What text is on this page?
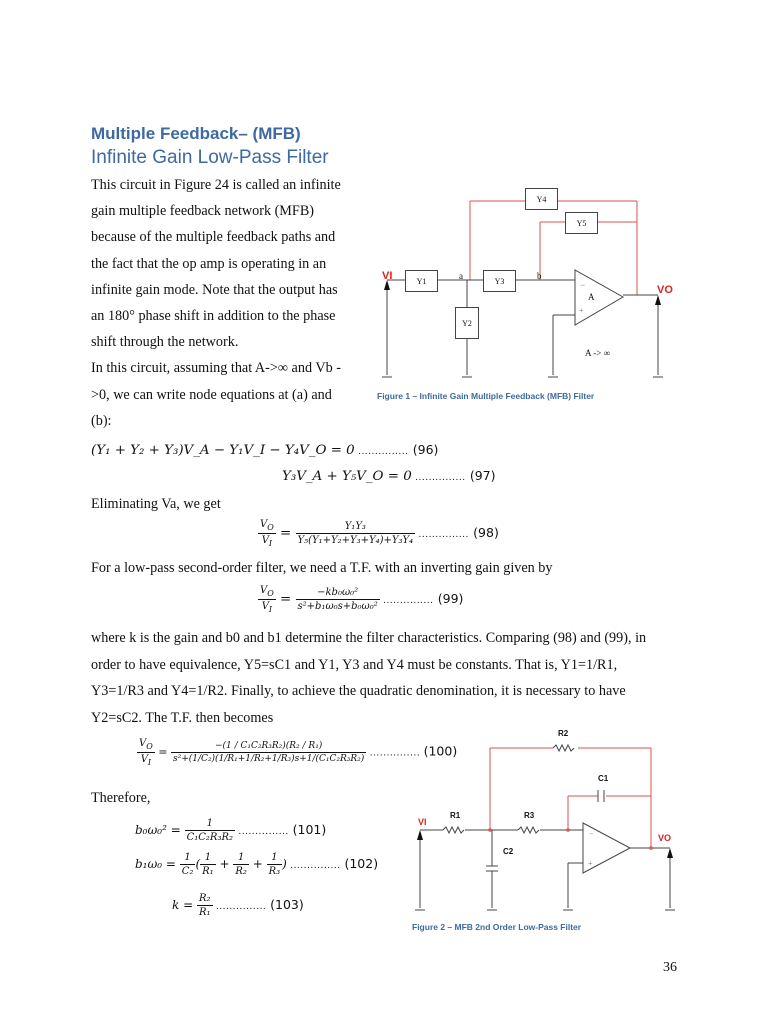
Multiple Feedback– (MFB)
Infinite Gain Low-Pass Filter

This circuit in Figure 24 is called an infinite

gain multiple feedback network (MFB)

because of the multiple feedback paths and

the fact that the op amp is operating in an

infinite gain mode. Note that the output has

an 180° phase shift in addition to the phase

shift through the network.

In this circuit, assuming that A->∞ and Vb -

>0, we can write node equations at (a) and

(b):

−
+
Y1	Y3
Y4
Y5
Y2
VI
VO
a	b
A
A -> ∞
Figure 1 – Infinite Gain Multiple Feedback (MFB) Filter
(Y₁ + Y₂ + Y₃)V_A − Y₁V_I − Y₄V_O = 0 ............... (96)
Y₃V_A + Y₅V_O = 0 ............... (97)
Eliminating Va, we get
$\frac{V_O}{V_I} = \frac{\text{Y₁Y₃}}{\text{Y₅(Y₁+Y₂+Y₃+Y₄)+Y₃Y₄}}$ ............... (98)
For a low-pass second-order filter, we need a T.F. with an inverting gain given by
$\frac{V_O}{V_I} = \frac{\text{−kb₀ω₀²}}{\text{s²+b₁ω₀s+b₀ω₀²}}$ ............... (99)
where k is the gain and b0 and b1 determine the filter characteristics. Comparing (98) and (99), in
order to have equivalence, Y5=sC1 and Y1, Y3 and Y4 must be constants. That is, Y1=1/R1,
Y3=1/R3 and Y4=1/R2. Finally, to achieve the quadratic denomination, it is necessary to have
Y2=sC2. The T.F. then becomes
$\frac{V_O}{V_I} = \frac{\text{−(1 / C₁C₂R₃R₂)(R₂ / R₁)}}{\text{s²+(1/C₂)(1/R₁+1/R₂+1/R₃)s+1/(C₁C₂R₃R₂)}}$ ............... (100)
Therefore,
$b_0\omega_0^2 = \frac{1}{\text{C₁C₂R₃R₂}}$ ............... (101)
$b_1\omega_0 = \frac{1}{\text{C₂}}$ ( $\frac{1}{\text{R₁}} + \frac{1}{\text{R₂}} + \frac{1}{\text{R₃}}$ ) ............... (102)
$k = \frac{\text{R₂}}{\text{R₁}}$ ............... (103)
−
+
R2
C1
R1	R3
C2
VI
VO
Figure 2 – MFB 2nd Order Low-Pass Filter
36
